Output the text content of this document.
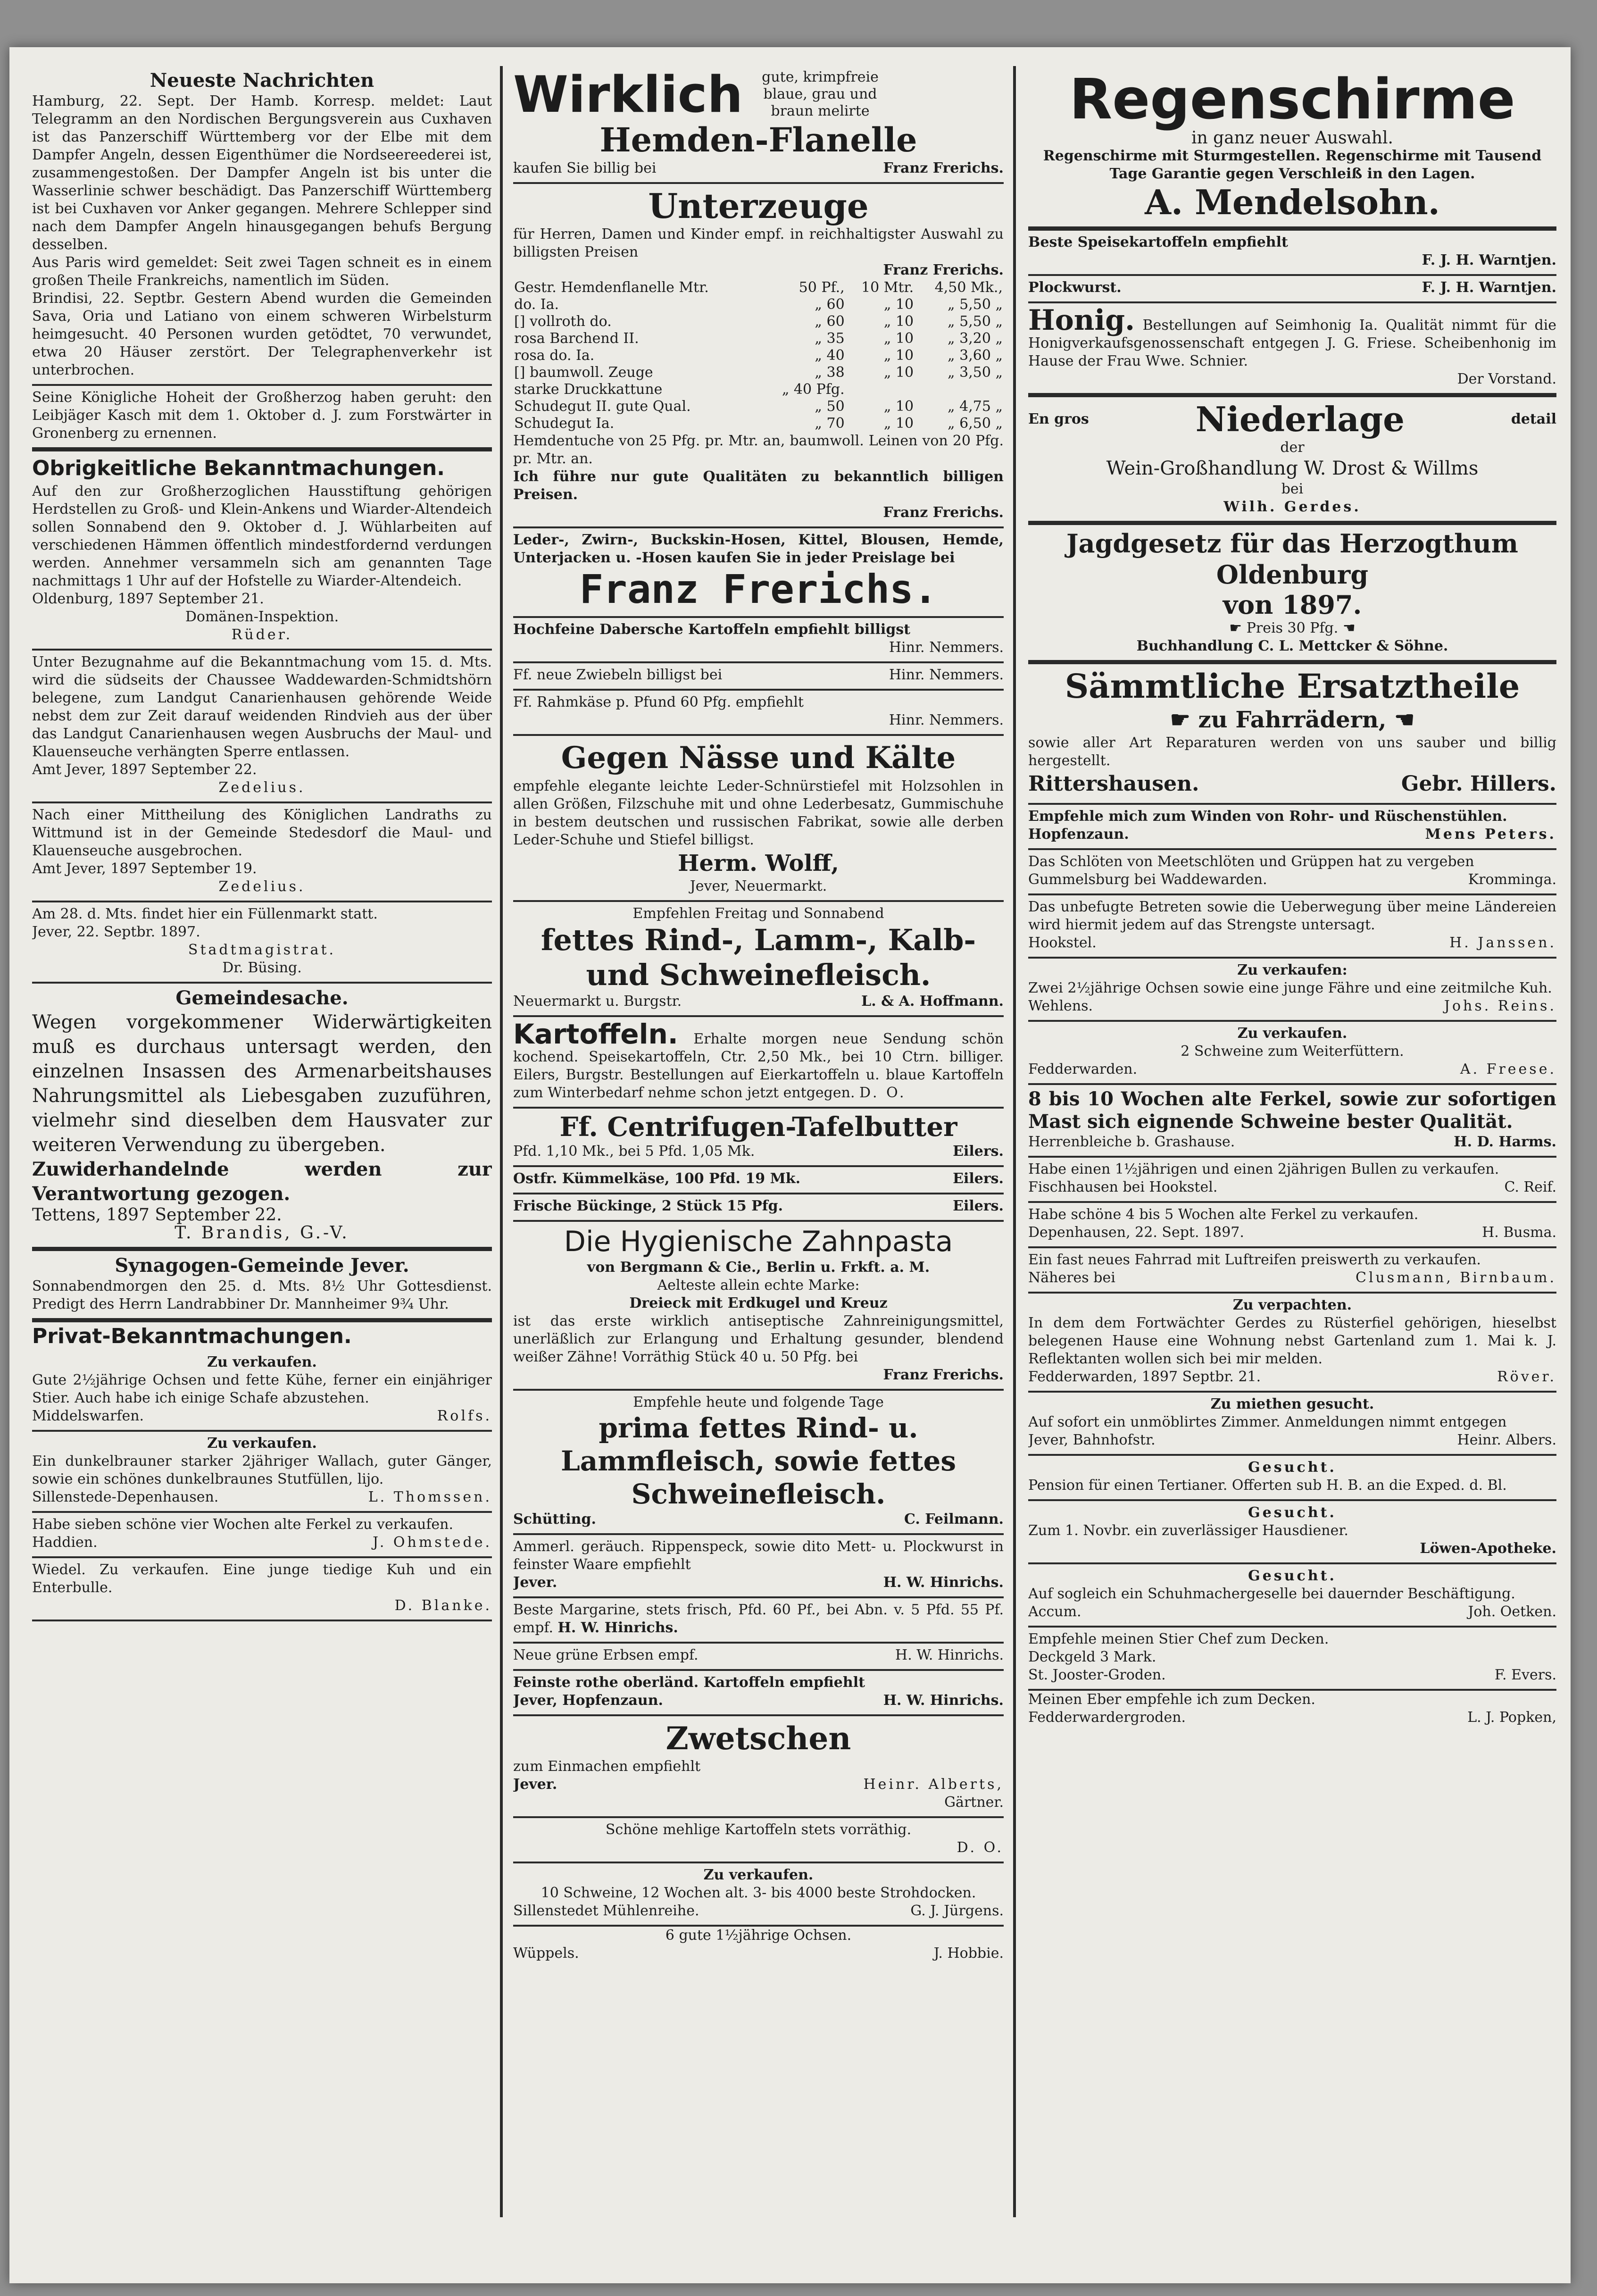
Neueste Nachrichten
Hamburg, 22. Sept. Der Hamb. Korresp. meldet: Laut Telegramm an den Nordischen Bergungsverein aus Cuxhaven ist das Panzerschiff Württemberg vor der Elbe mit dem Dampfer Angeln, dessen Eigenthümer die Nordseereederei ist, zusammengestoßen. Der Dampfer Angeln ist bis unter die Wasserlinie schwer beschädigt. Das Panzerschiff Württemberg ist bei Cuxhaven vor Anker gegangen. Mehrere Schlepper sind nach dem Dampfer Angeln hinausgegangen behufs Bergung desselben.
Aus Paris wird gemeldet: Seit zwei Tagen schneit es in einem großen Theile Frankreichs, namentlich im Süden.
Brindisi, 22. Septbr. Gestern Abend wurden die Gemeinden Sava, Oria und Latiano von einem schweren Wirbelsturm heimgesucht. 40 Personen wurden getödtet, 70 verwundet, etwa 20 Häuser zerstört. Der Telegraphenverkehr ist unterbrochen.
Seine Königliche Hoheit der Großherzog haben geruht: den Leibjäger Kasch mit dem 1. Oktober d. J. zum Forstwärter in Gronenberg zu ernennen.
Obrigkeitliche Bekanntmachungen.
Auf den zur Großherzoglichen Hausstiftung gehörigen Herdstellen zu Groß- und Klein-Ankens und Wiarder-Altendeich sollen Sonnabend den 9. Oktober d. J. Wühlarbeiten auf verschiedenen Hämmen öffentlich mindestfordernd verdungen werden. Annehmer versammeln sich am genannten Tage nachmittags 1 Uhr auf der Hofstelle zu Wiarder-Altendeich.
Oldenburg, 1897 September 21.
Domänen-Inspektion.
Rüder.
Unter Bezugnahme auf die Bekanntmachung vom 15. d. Mts. wird die südseits der Chaussee Waddewarden-Schmidtshörn belegene, zum Landgut Canarienhausen gehörende Weide nebst dem zur Zeit darauf weidenden Rindvieh aus der über das Landgut Canarienhausen wegen Ausbruchs der Maul- und Klauenseuche verhängten Sperre entlassen.
Amt Jever, 1897 September 22.
Zedelius.
Nach einer Mittheilung des Königlichen Landraths zu Wittmund ist in der Gemeinde Stedesdorf die Maul- und Klauenseuche ausgebrochen.
Amt Jever, 1897 September 19.
Zedelius.
Am 28. d. Mts. findet hier ein Füllenmarkt statt.
Jever, 22. Septbr. 1897.
Stadtmagistrat.
Dr. Büsing.
Gemeindesache.
Wegen vorgekommener Widerwärtigkeiten muß es durchaus untersagt werden, den einzelnen Insassen des Armenarbeitshauses Nahrungsmittel als Liebesgaben zuzuführen, vielmehr sind dieselben dem Hausvater zur weiteren Verwendung zu übergeben.
Zuwiderhandelnde werden zur Verantwortung gezogen.
Tettens, 1897 September 22.
T. Brandis, G.-V.
Synagogen-Gemeinde Jever.
Sonnabendmorgen den 25. d. Mts. 8½ Uhr Gottesdienst. Predigt des Herrn Landrabbiner Dr. Mannheimer 9¾ Uhr.
Privat-Bekanntmachungen.
Zu verkaufen.
Gute 2½jährige Ochsen und fette Kühe, ferner ein einjähriger Stier. Auch habe ich einige Schafe abzustehen.
Middelswarfen.	Rolfs.
Zu verkaufen.
Ein dunkelbrauner starker 2jähriger Wallach, guter Gänger, sowie ein schönes dunkelbraunes Stutfüllen, lijo.
Sillenstede-Depenhausen.	L. Thomssen.
Habe sieben schöne vier Wochen alte Ferkel zu verkaufen.
Haddien.	J. Ohmstede.
Wiedel. Zu verkaufen. Eine junge tiedige Kuh und ein Enterbulle.
D. Blanke.
Wirklich	gute, krimpfreie blaue, grau und braun melirte
Hemden-Flanelle
kaufen Sie billig bei	Franz Frerichs.
Unterzeuge
für Herren, Damen und Kinder empf. in reichhaltigster Auswahl zu billigsten Preisen
Franz Frerichs.
Gestr. Hemdenflanelle Mtr.	50 Pf.,	10 Mtr.	4,50 Mk.,
do. Ia.	„ 60	„ 10	„ 5,50 „
[] vollroth do.	„ 60	„ 10	„ 5,50 „
rosa Barchend II.	„ 35	„ 10	„ 3,20 „
rosa do. Ia.	„ 40	„ 10	„ 3,60 „
[] baumwoll. Zeuge	„ 38	„ 10	„ 3,50 „
starke Druckkattune	„ 40 Pfg.		
Schudegut II. gute Qual.	„ 50	„ 10	„ 4,75 „
Schudegut Ia.	„ 70	„ 10	„ 6,50 „
Hemdentuche von 25 Pfg. pr. Mtr. an, baumwoll. Leinen von 20 Pfg. pr. Mtr. an.
Ich führe nur gute Qualitäten zu bekanntlich billigen Preisen.
Franz Frerichs.
Leder-, Zwirn-, Buckskin-Hosen, Kittel, Blousen, Hemde, Unterjacken u. -Hosen kaufen Sie in jeder Preislage bei
Franz Frerichs.
Hochfeine Dabersche Kartoffeln empfiehlt billigst
Hinr. Nemmers.
Ff. neue Zwiebeln billigst bei	Hinr. Nemmers.
Ff. Rahmkäse p. Pfund 60 Pfg. empfiehlt
Hinr. Nemmers.
Gegen Nässe und Kälte
empfehle elegante leichte Leder-Schnürstiefel mit Holzsohlen in allen Größen, Filzschuhe mit und ohne Lederbesatz, Gummischuhe in bestem deutschen und russischen Fabrikat, sowie alle derben Leder-Schuhe und Stiefel billigst.
Herm. Wolff,
Jever, Neuermarkt.
Empfehlen Freitag und Sonnabend
fettes Rind-, Lamm-, Kalb- und Schweinefleisch.
Neuermarkt u. Burgstr.	L. & A. Hoffmann.
Kartoffeln. Erhalte morgen neue Sendung schön kochend. Speisekartoffeln, Ctr. 2,50 Mk., bei 10 Ctrn. billiger. Eilers, Burgstr. Bestellungen auf Eierkartoffeln u. blaue Kartoffeln zum Winterbedarf nehme schon jetzt entgegen. D. O.
Ff. Centrifugen-Tafelbutter
Pfd. 1,10 Mk., bei 5 Pfd. 1,05 Mk.	Eilers.
Ostfr. Kümmelkäse, 100 Pfd. 19 Mk.	Eilers.
Frische Bückinge, 2 Stück 15 Pfg.	Eilers.
Die Hygienische Zahnpasta
von Bergmann & Cie., Berlin u. Frkft. a. M.
Aelteste allein echte Marke:
Dreieck mit Erdkugel und Kreuz
ist das erste wirklich antiseptische Zahnreinigungsmittel, unerläßlich zur Erlangung und Erhaltung gesunder, blendend weißer Zähne! Vorräthig Stück 40 u. 50 Pfg. bei
Franz Frerichs.
Empfehle heute und folgende Tage
prima fettes Rind- u. Lammfleisch, sowie fettes Schweinefleisch.
Schütting.	C. Feilmann.
Ammerl. geräuch. Rippenspeck, sowie dito Mett- u. Plockwurst in feinster Waare empfiehlt
Jever.	H. W. Hinrichs.
Beste Margarine, stets frisch, Pfd. 60 Pf., bei Abn. v. 5 Pfd. 55 Pf. empf. H. W. Hinrichs.
Neue grüne Erbsen empf.	H. W. Hinrichs.
Feinste rothe oberländ. Kartoffeln empfiehlt
Jever, Hopfenzaun.	H. W. Hinrichs.
Zwetschen
zum Einmachen empfiehlt
Jever.	Heinr. Alberts,
Gärtner.
Schöne mehlige Kartoffeln stets vorräthig.
D. O.
Zu verkaufen.
10 Schweine, 12 Wochen alt. 3- bis 4000 beste Strohdocken.
Sillenstedet Mühlenreihe.	G. J. Jürgens.
6 gute 1½jährige Ochsen.
Wüppels.	J. Hobbie.
Regenschirme
in ganz neuer Auswahl.
Regenschirme mit Sturmgestellen. Regenschirme mit Tausend Tage Garantie gegen Verschleiß in den Lagen.
A. Mendelsohn.
Beste Speisekartoffeln empfiehlt
F. J. H. Warntjen.
Plockwurst.	F. J. H. Warntjen.
Honig. Bestellungen auf Seimhonig Ia. Qualität nimmt für die Honigverkaufsgenossenschaft entgegen J. G. Friese. Scheibenhonig im Hause der Frau Wwe. Schnier.
Der Vorstand.
En gros	Niederlage	detail
der
Wein-Großhandlung W. Drost & Willms
bei
Wilh. Gerdes.
Jagdgesetz für das Herzogthum Oldenburg
von 1897.
☛ Preis 30 Pfg. ☚
Buchhandlung C. L. Mettcker & Söhne.
Sämmtliche Ersatztheile
☛ zu Fahrrädern, ☚
sowie aller Art Reparaturen werden von uns sauber und billig hergestellt.
Rittershausen.	Gebr. Hillers.
Empfehle mich zum Winden von Rohr- und Rüschenstühlen.
Hopfenzaun.	Mens Peters.
Das Schlöten von Meetschlöten und Grüppen hat zu vergeben
Gummelsburg bei Waddewarden.	Kromminga.
Das unbefugte Betreten sowie die Ueberwegung über meine Ländereien wird hiermit jedem auf das Strengste untersagt.
Hookstel.	H. Janssen.
Zu verkaufen:
Zwei 2½jährige Ochsen sowie eine junge Fähre und eine zeitmilche Kuh.
Wehlens.	Johs. Reins.
Zu verkaufen.
2 Schweine zum Weiterfüttern.
Fedderwarden.	A. Freese.
8 bis 10 Wochen alte Ferkel, sowie zur sofortigen Mast sich eignende Schweine bester Qualität.
Herrenbleiche b. Grashause.	H. D. Harms.
Habe einen 1½jährigen und einen 2jährigen Bullen zu verkaufen.
Fischhausen bei Hookstel.	C. Reif.
Habe schöne 4 bis 5 Wochen alte Ferkel zu verkaufen.
Depenhausen, 22. Sept. 1897.	H. Busma.
Ein fast neues Fahrrad mit Luftreifen preiswerth zu verkaufen.
Näheres bei	Clusmann, Birnbaum.
Zu verpachten.
In dem dem Fortwächter Gerdes zu Rüsterfiel gehörigen, hieselbst belegenen Hause eine Wohnung nebst Gartenland zum 1. Mai k. J. Reflektanten wollen sich bei mir melden.
Fedderwarden, 1897 Septbr. 21.	Röver.
Zu miethen gesucht.
Auf sofort ein unmöblirtes Zimmer. Anmeldungen nimmt entgegen
Jever, Bahnhofstr.	Heinr. Albers.
Gesucht.
Pension für einen Tertianer. Offerten sub H. B. an die Exped. d. Bl.
Gesucht.
Zum 1. Novbr. ein zuverlässiger Hausdiener.
Löwen-Apotheke.
Gesucht.
Auf sogleich ein Schuhmachergeselle bei dauernder Beschäftigung.
Accum.	Joh. Oetken.
Empfehle meinen Stier Chef zum Decken.
Deckgeld 3 Mark.
St. Jooster-Groden.	F. Evers.
Meinen Eber empfehle ich zum Decken.
Fedderwardergroden.	L. J. Popken,
